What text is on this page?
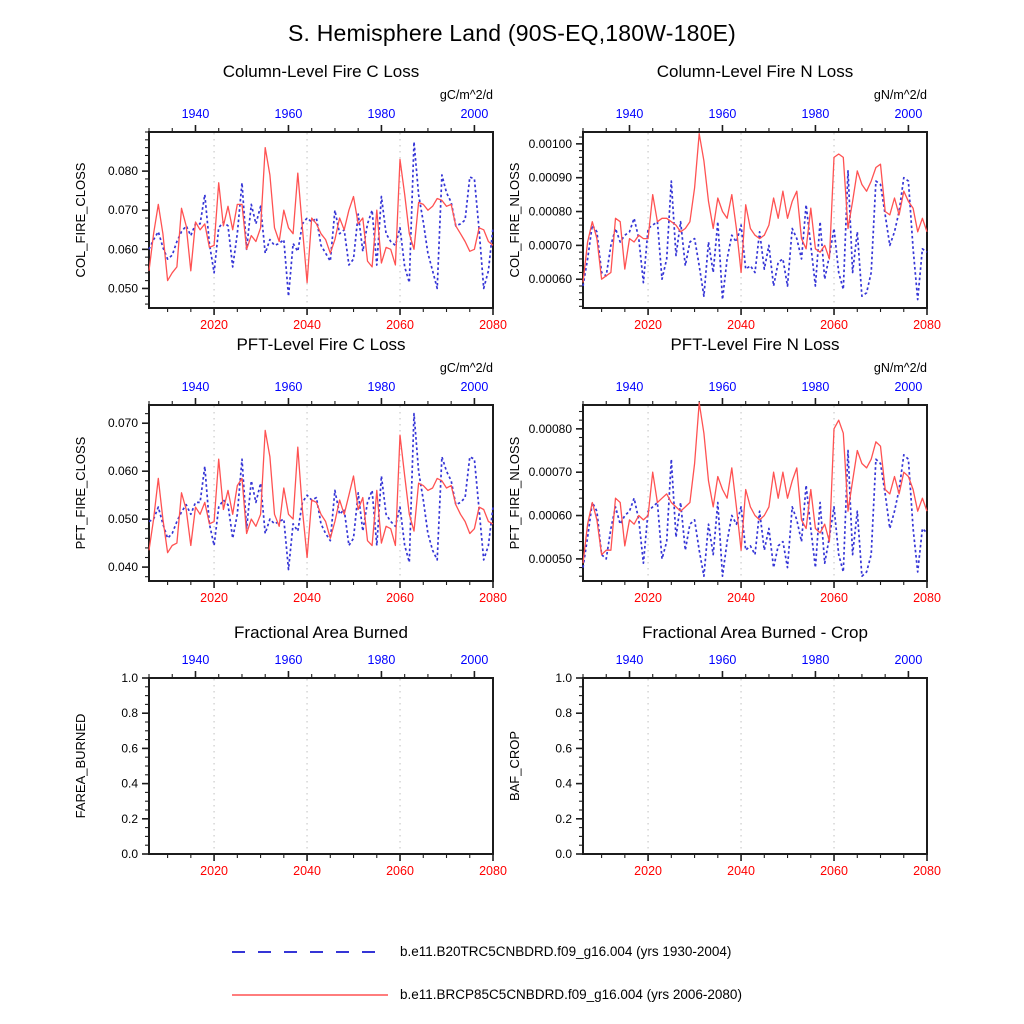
2020	2040	2060	2080
1940	1960	1980	2000
0.050
0.060
0.070
0.080
2020	2040	2060	2080
1940	1960	1980	2000
0.00060
0.00070
0.00080
0.00090
0.00100
2020	2040	2060	2080
1940	1960	1980	2000
0.040
0.050
0.060
0.070
2020	2040	2060	2080
1940	1960	1980	2000
0.00050
0.00060
0.00070
0.00080
2020	2040	2060	2080
1940	1960	1980	2000
0.0
0.2
0.4
0.6
0.8
1.0
2020	2040	2060	2080
1940	1960	1980	2000
0.0
0.2
0.4
0.6
0.8
1.0
S. Hemisphere Land (90S-EQ,180W-180E)
Column-Level Fire C Loss	Column-Level Fire N Loss
PFT-Level Fire C Loss	PFT-Level Fire N Loss
Fractional Area Burned	Fractional Area Burned - Crop
gC/m^2/d	gN/m^2/d
gC/m^2/d	gN/m^2/d
COL_FIRE_CLOSS	COL_FIRE_NLOSS
PFT_FIRE_CLOSS	PFT_FIRE_NLOSS
FAREA_BURNED	BAF_CROP
b.e11.B20TRC5CNBDRD.f09_g16.004 (yrs 1930-2004)
b.e11.BRCP85C5CNBDRD.f09_g16.004 (yrs 2006-2080)
